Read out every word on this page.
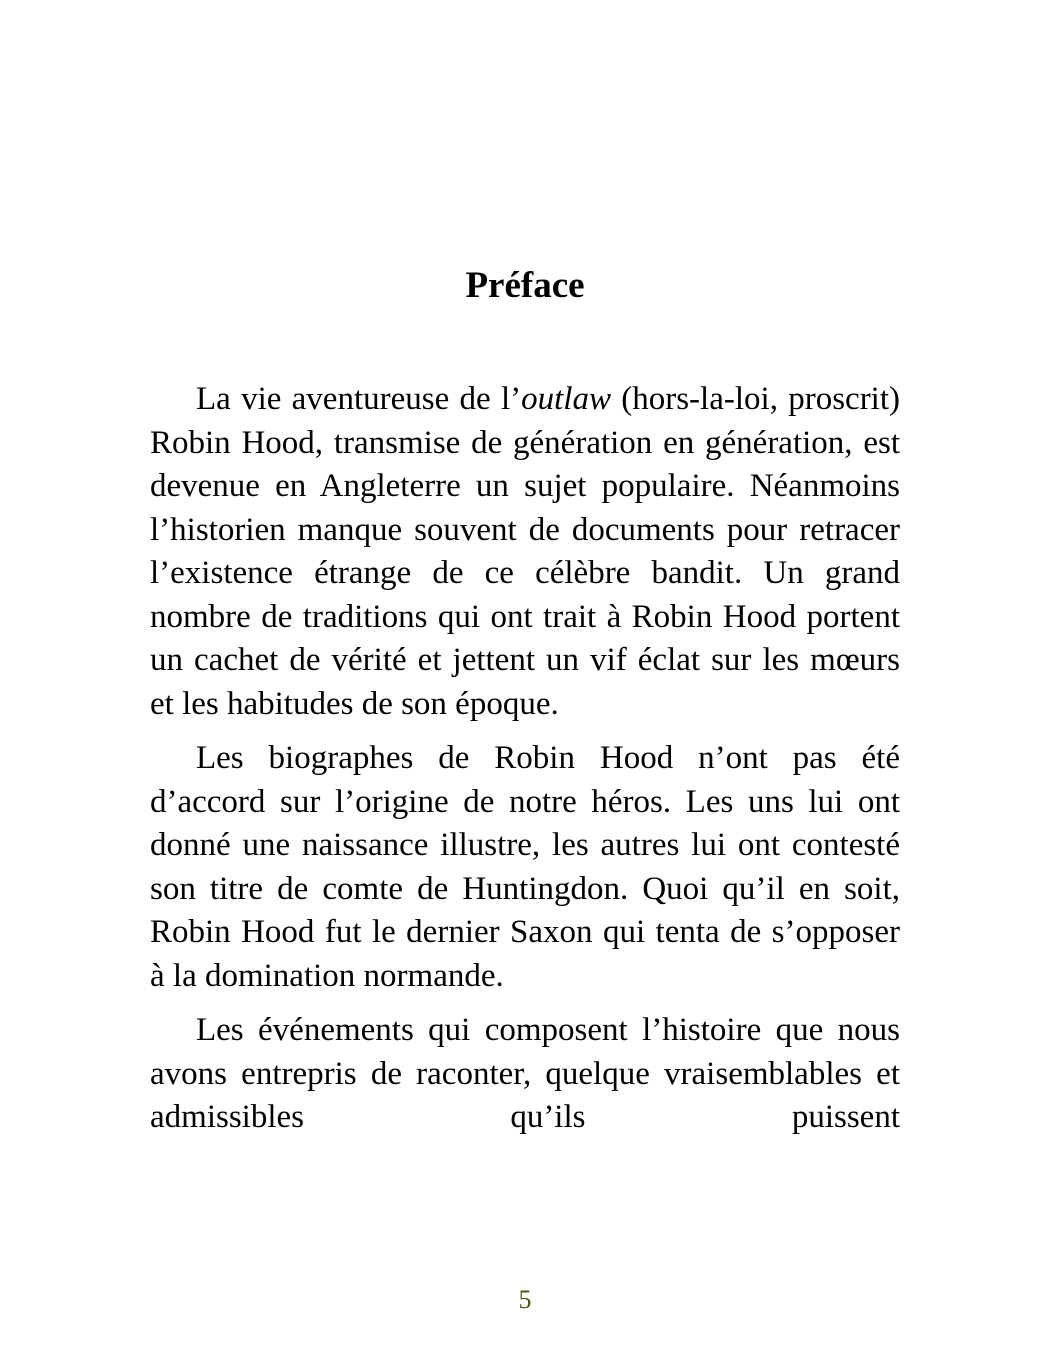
Préface

La vie aventureuse de l’outlaw (hors-la-loi, proscrit) Robin Hood, transmise de génération en génération, est devenue en Angleterre un sujet populaire. Néanmoins l’historien manque souvent de documents pour retracer l’existence étrange de ce célèbre bandit. Un grand nombre de traditions qui ont trait à Robin Hood portent un cachet de vérité et jettent un vif éclat sur les mœurs et les habitudes de son époque.

Les biographes de Robin Hood n’ont pas été d’accord sur l’origine de notre héros. Les uns lui ont donné une naissance illustre, les autres lui ont contesté son titre de comte de Huntingdon. Quoi qu’il en soit, Robin Hood fut le dernier Saxon qui tenta de s’opposer à la domination normande.

Les événements qui composent l’histoire que nous avons entrepris de raconter, quelque vraisemblables et admissibles qu’ils puissent

5
